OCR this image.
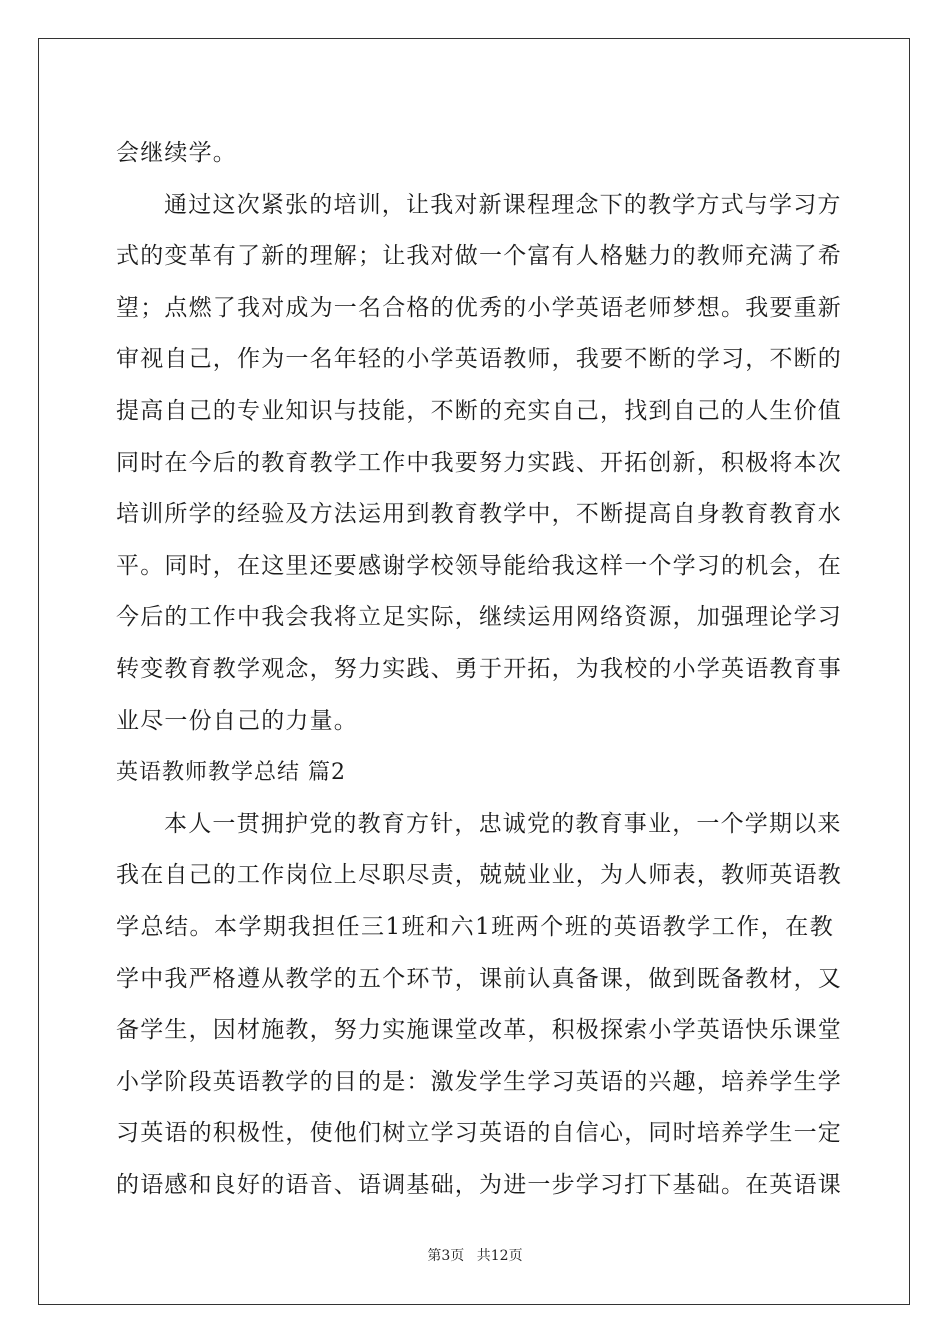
会继续学。
通过这次紧张的培训，让我对新课程理念下的教学方式与学习方
式的变革有了新的理解；让我对做一个富有人格魅力的教师充满了希
望；点燃了我对成为一名合格的优秀的小学英语老师梦想。我要重新
审视自己，作为一名年轻的小学英语教师，我要不断的学习，不断的
提高自己的专业知识与技能，不断的充实自己，找到自己的人生价值
同时在今后的教育教学工作中我要努力实践、开拓创新，积极将本次
培训所学的经验及方法运用到教育教学中，不断提高自身教育教育水
平。同时，在这里还要感谢学校领导能给我这样一个学习的机会，在
今后的工作中我会我将立足实际，继续运用网络资源，加强理论学习
转变教育教学观念，努力实践、勇于开拓，为我校的小学英语教育事
业尽一份自己的力量。
英语教师教学总结 篇2
本人一贯拥护党的教育方针，忠诚党的教育事业，一个学期以来
我在自己的工作岗位上尽职尽责，兢兢业业，为人师表，教师英语教
学总结。本学期我担任三1班和六1班两个班的英语教学工作，在教
学中我严格遵从教学的五个环节，课前认真备课，做到既备教材，又
备学生，因材施教，努力实施课堂改革，积极探索小学英语快乐课堂
小学阶段英语教学的目的是：激发学生学习英语的兴趣，培养学生学
习英语的积极性，使他们树立学习英语的自信心，同时培养学生一定
的语感和良好的语音、语调基础，为进一步学习打下基础。在英语课
第3页 共12页
